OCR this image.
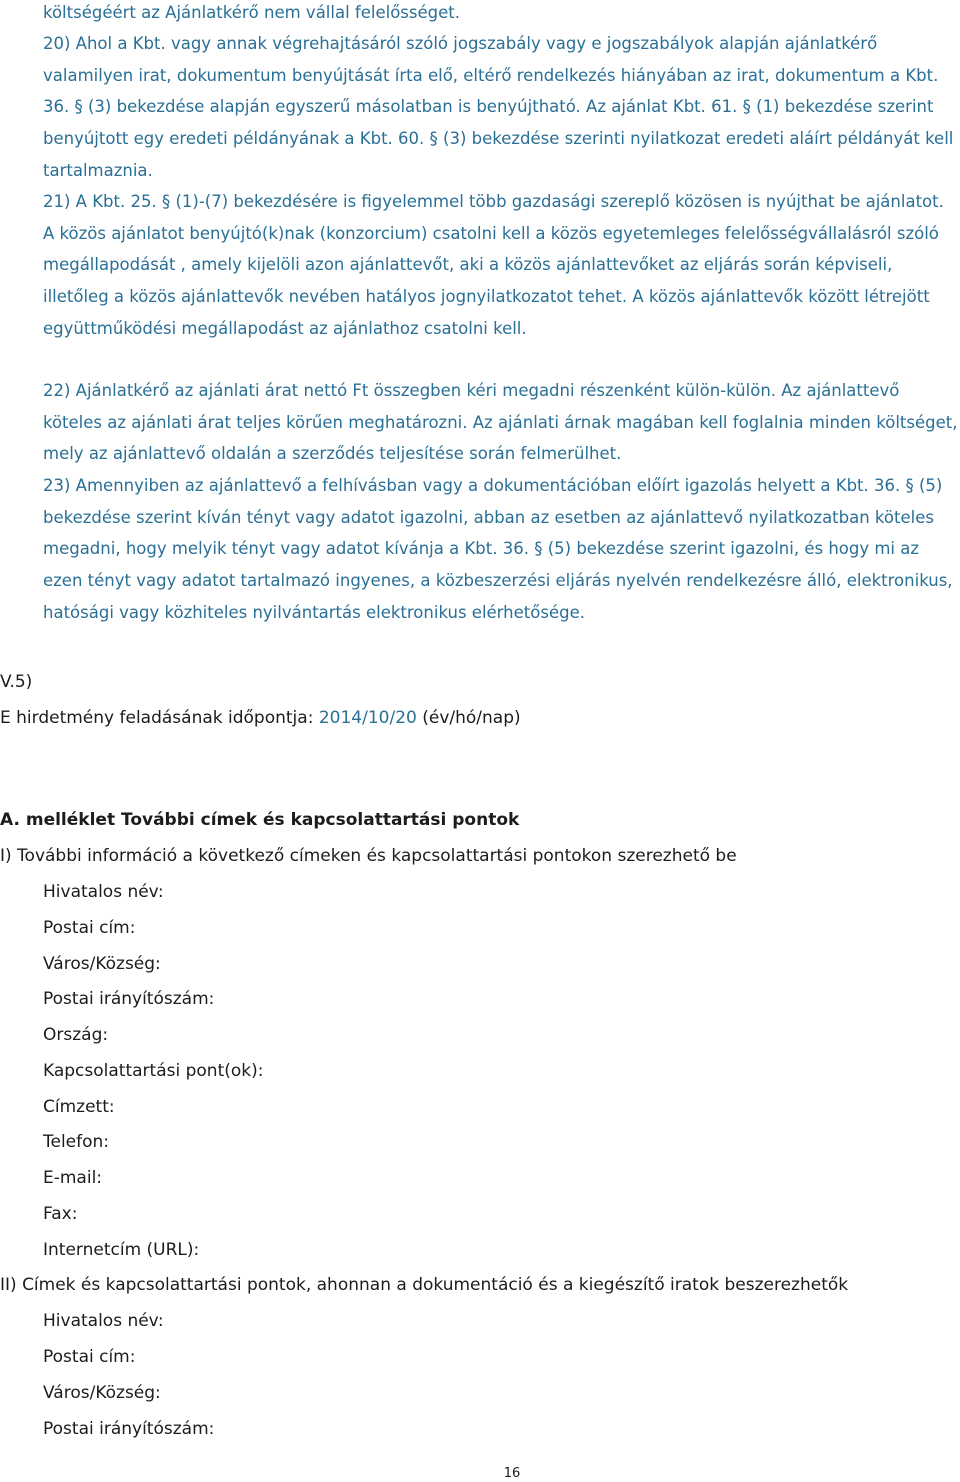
költségéért az Ajánlatkérő nem vállal felelősséget.

20) Ahol a Kbt. vagy annak végrehajtásáról szóló jogszabály vagy e jogszabályok alapján ajánlatkérő valamilyen irat, dokumentum benyújtását írta elő, eltérő rendelkezés hiányában az irat, dokumentum a Kbt. 36. § (3) bekezdése alapján egyszerű másolatban is benyújtható. Az ajánlat Kbt. 61. § (1) bekezdése szerint benyújtott egy eredeti példányának a Kbt. 60. § (3) bekezdése szerinti nyilatkozat eredeti aláírt példányát kell tartalmaznia.

21) A Kbt. 25. § (1)-(7) bekezdésére is figyelemmel több gazdasági szereplő közösen is nyújthat be ajánlatot. A közös ajánlatot benyújtó(k)nak (konzorcium) csatolni kell a közös egyetemleges felelősségvállalásról szóló megállapodását , amely kijelöli azon ajánlattevőt, aki a közös ajánlattevőket az eljárás során képviseli, illetőleg a közös ajánlattevők nevében hatályos jognyilatkozatot tehet. A közös ajánlattevők között létrejött együttműködési megállapodást az ajánlathoz csatolni kell.

22) Ajánlatkérő az ajánlati árat nettó Ft összegben kéri megadni részenként külön-külön. Az ajánlattevő köteles az ajánlati árat teljes körűen meghatározni. Az ajánlati árnak magában kell foglalnia minden költséget, mely az ajánlattevő oldalán a szerződés teljesítése során felmerülhet.

23) Amennyiben az ajánlattevő a felhívásban vagy a dokumentációban előírt igazolás helyett a Kbt. 36. § (5) bekezdése szerint kíván tényt vagy adatot igazolni, abban az esetben az ajánlattevő nyilatkozatban köteles megadni, hogy melyik tényt vagy adatot kívánja a Kbt. 36. § (5) bekezdése szerint igazolni, és hogy mi az ezen tényt vagy adatot tartalmazó ingyenes, a közbeszerzési eljárás nyelvén rendelkezésre álló, elektronikus, hatósági vagy közhiteles nyilvántartás elektronikus elérhetősége.

V.5)
E hirdetmény feladásának időpontja: 2014/10/20 (év/hó/nap)
A. melléklet További címek és kapcsolattartási pontok
I) További információ a következő címeken és kapcsolattartási pontokon szerezhető be
Hivatalos név:
Postai cím:
Város/Község:
Postai irányítószám:
Ország:
Kapcsolattartási pont(ok):
Címzett:
Telefon:
E-mail:
Fax:
Internetcím (URL):
II) Címek és kapcsolattartási pontok, ahonnan a dokumentáció és a kiegészítő iratok beszerezhetők
Hivatalos név:
Postai cím:
Város/Község:
Postai irányítószám:
16
